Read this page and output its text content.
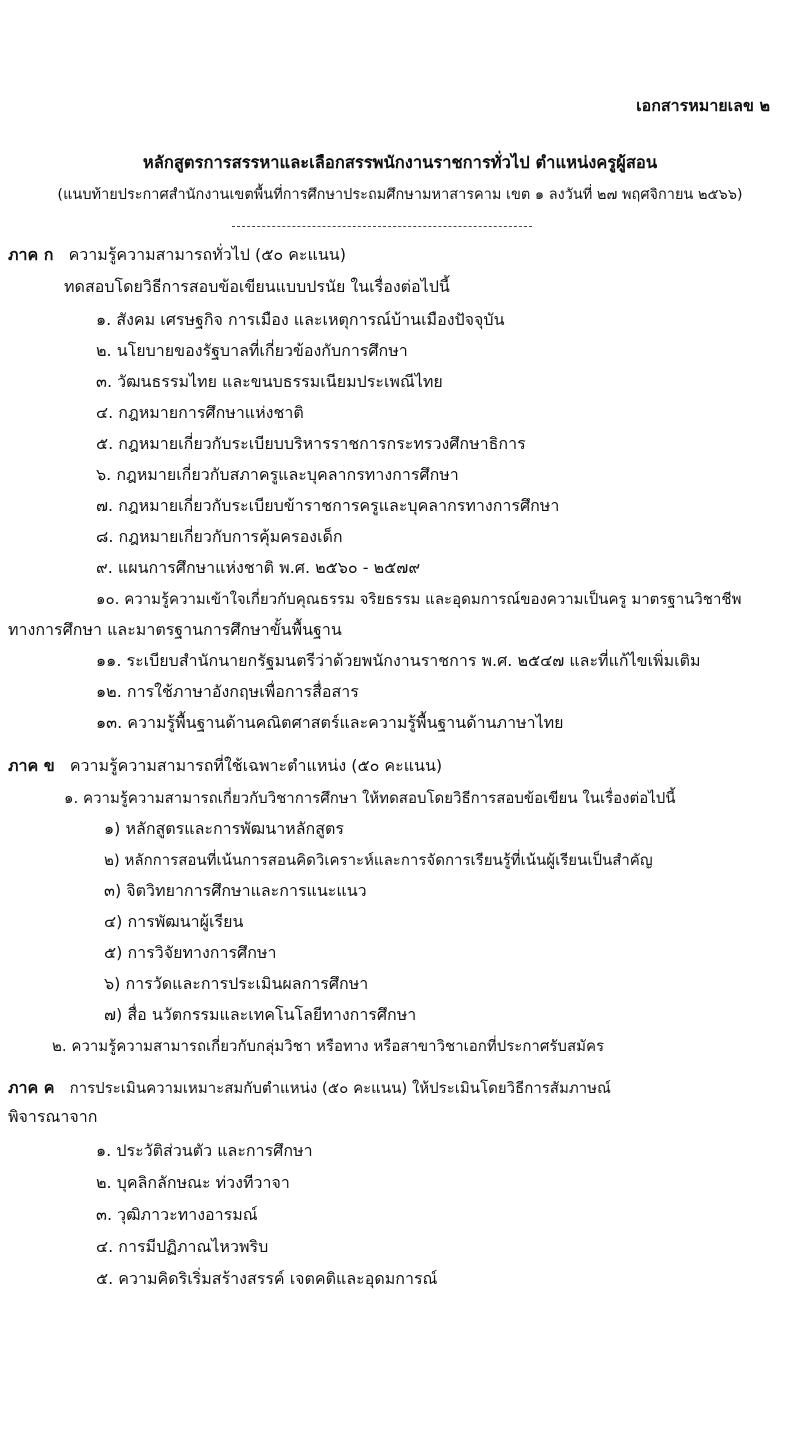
เอกสารหมายเลข ๒
หลักสูตรการสรรหาและเลือกสรรพนักงานราชการทั่วไป ตำแหน่งครูผู้สอน
(แนบท้ายประกาศสำนักงานเขตพื้นที่การศึกษาประถมศึกษามหาสารคาม เขต ๑ ลงวันที่ ๒๗ พฤศจิกายน ๒๕๖๖)
ภาค ก ความรู้ความสามารถทั่วไป (๕๐ คะแนน)
ทดสอบโดยวิธีการสอบข้อเขียนแบบปรนัย ในเรื่องต่อไปนี้
๑. สังคม เศรษฐกิจ การเมือง และเหตุการณ์บ้านเมืองปัจจุบัน
๒. นโยบายของรัฐบาลที่เกี่ยวข้องกับการศึกษา
๓. วัฒนธรรมไทย และขนบธรรมเนียมประเพณีไทย
๔. กฎหมายการศึกษาแห่งชาติ
๕. กฎหมายเกี่ยวกับระเบียบบริหารราชการกระทรวงศึกษาธิการ
๖. กฎหมายเกี่ยวกับสภาครูและบุคลากรทางการศึกษา
๗. กฎหมายเกี่ยวกับระเบียบข้าราชการครูและบุคลากรทางการศึกษา
๘. กฎหมายเกี่ยวกับการคุ้มครองเด็ก
๙. แผนการศึกษาแห่งชาติ พ.ศ. ๒๕๖๐ - ๒๕๗๙
๑๐. ความรู้ความเข้าใจเกี่ยวกับคุณธรรม จริยธรรม และอุดมการณ์ของความเป็นครู มาตรฐานวิชาชีพ
ทางการศึกษา และมาตรฐานการศึกษาขั้นพื้นฐาน
๑๑. ระเบียบสำนักนายกรัฐมนตรีว่าด้วยพนักงานราชการ พ.ศ. ๒๕๔๗ และที่แก้ไขเพิ่มเติม
๑๒. การใช้ภาษาอังกฤษเพื่อการสื่อสาร
๑๓. ความรู้พื้นฐานด้านคณิตศาสตร์และความรู้พื้นฐานด้านภาษาไทย
ภาค ข ความรู้ความสามารถที่ใช้เฉพาะตำแหน่ง (๕๐ คะแนน)
๑. ความรู้ความสามารถเกี่ยวกับวิชาการศึกษา ให้ทดสอบโดยวิธีการสอบข้อเขียน ในเรื่องต่อไปนี้
๑) หลักสูตรและการพัฒนาหลักสูตร
๒) หลักการสอนที่เน้นการสอนคิดวิเคราะห์และการจัดการเรียนรู้ที่เน้นผู้เรียนเป็นสำคัญ
๓) จิตวิทยาการศึกษาและการแนะแนว
๔) การพัฒนาผู้เรียน
๕) การวิจัยทางการศึกษา
๖) การวัดและการประเมินผลการศึกษา
๗) สื่อ นวัตกรรมและเทคโนโลยีทางการศึกษา
๒. ความรู้ความสามารถเกี่ยวกับกลุ่มวิชา หรือทาง หรือสาขาวิชาเอกที่ประกาศรับสมัคร
ภาค ค การประเมินความเหมาะสมกับตำแหน่ง (๕๐ คะแนน) ให้ประเมินโดยวิธีการสัมภาษณ์
พิจารณาจาก
๑. ประวัติส่วนตัว และการศึกษา
๒. บุคลิกลักษณะ ท่วงทีวาจา
๓. วุฒิภาวะทางอารมณ์
๔. การมีปฏิภาณไหวพริบ
๕. ความคิดริเริ่มสร้างสรรค์ เจตคติและอุดมการณ์
